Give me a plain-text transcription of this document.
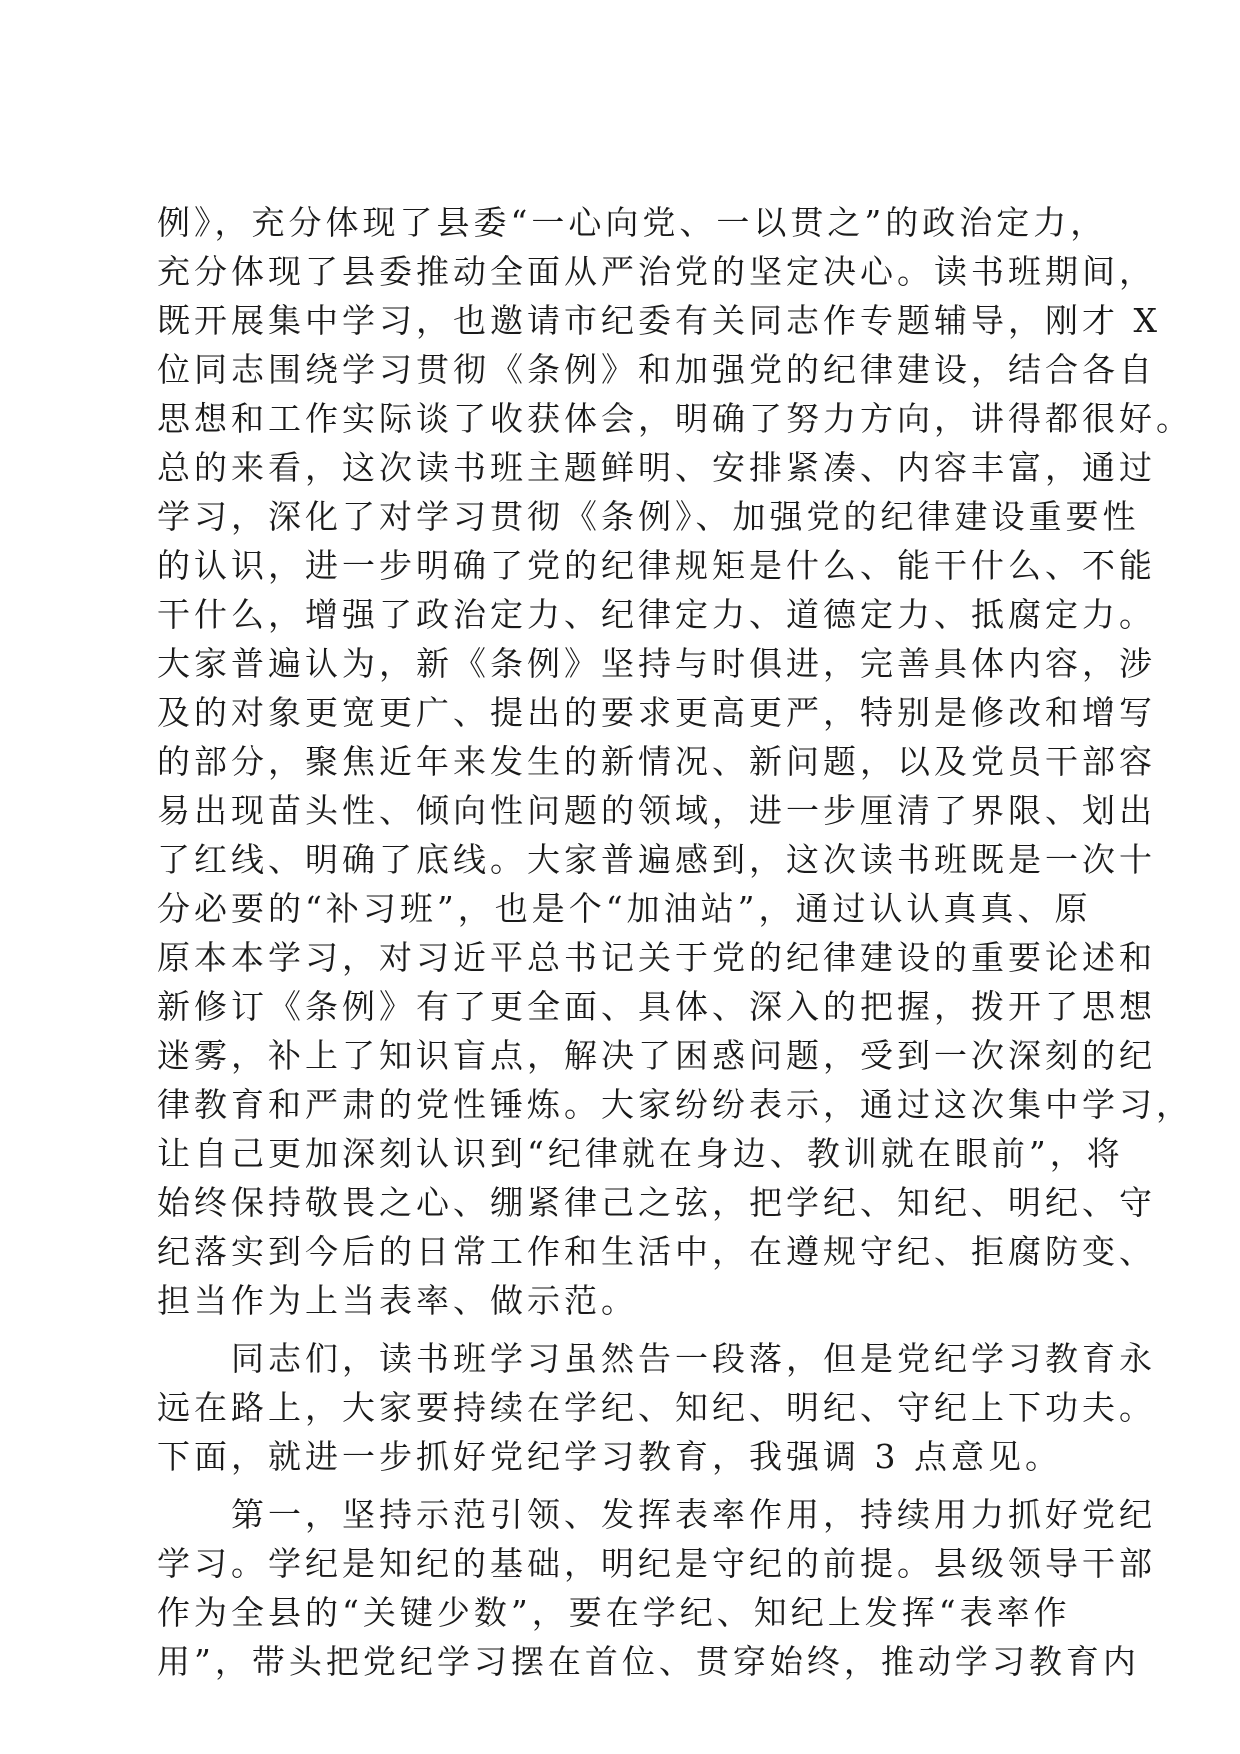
例》，充分体现了县委“一心向党、一以贯之”的政治定力，
充分体现了县委推动全面从严治党的坚定决心。读书班期间，
既开展集中学习，也邀请市纪委有关同志作专题辅导，刚才 X
位同志围绕学习贯彻《条例》和加强党的纪律建设，结合各自
思想和工作实际谈了收获体会，明确了努力方向，讲得都很好。
总的来看，这次读书班主题鲜明、安排紧凑、内容丰富，通过
学习，深化了对学习贯彻《条例》、加强党的纪律建设重要性
的认识，进一步明确了党的纪律规矩是什么、能干什么、不能
干什么，增强了政治定力、纪律定力、道德定力、抵腐定力。
大家普遍认为，新《条例》坚持与时俱进，完善具体内容，涉
及的对象更宽更广、提出的要求更高更严，特别是修改和增写
的部分，聚焦近年来发生的新情况、新问题，以及党员干部容
易出现苗头性、倾向性问题的领域，进一步厘清了界限、划出
了红线、明确了底线。大家普遍感到，这次读书班既是一次十
分必要的“补习班”，也是个“加油站”，通过认认真真、原
原本本学习，对习近平总书记关于党的纪律建设的重要论述和
新修订《条例》有了更全面、具体、深入的把握，拨开了思想
迷雾，补上了知识盲点，解决了困惑问题，受到一次深刻的纪
律教育和严肃的党性锤炼。大家纷纷表示，通过这次集中学习，
让自己更加深刻认识到“纪律就在身边、教训就在眼前”，将
始终保持敬畏之心、绷紧律己之弦，把学纪、知纪、明纪、守
纪落实到今后的日常工作和生活中，在遵规守纪、拒腐防变、
担当作为上当表率、做示范。
　　同志们，读书班学习虽然告一段落，但是党纪学习教育永
远在路上，大家要持续在学纪、知纪、明纪、守纪上下功夫。
下面，就进一步抓好党纪学习教育，我强调 3 点意见。
　　第一，坚持示范引领、发挥表率作用，持续用力抓好党纪
学习。学纪是知纪的基础，明纪是守纪的前提。县级领导干部
作为全县的“关键少数”，要在学纪、知纪上发挥“表率作
用”，带头把党纪学习摆在首位、贯穿始终，推动学习教育内
